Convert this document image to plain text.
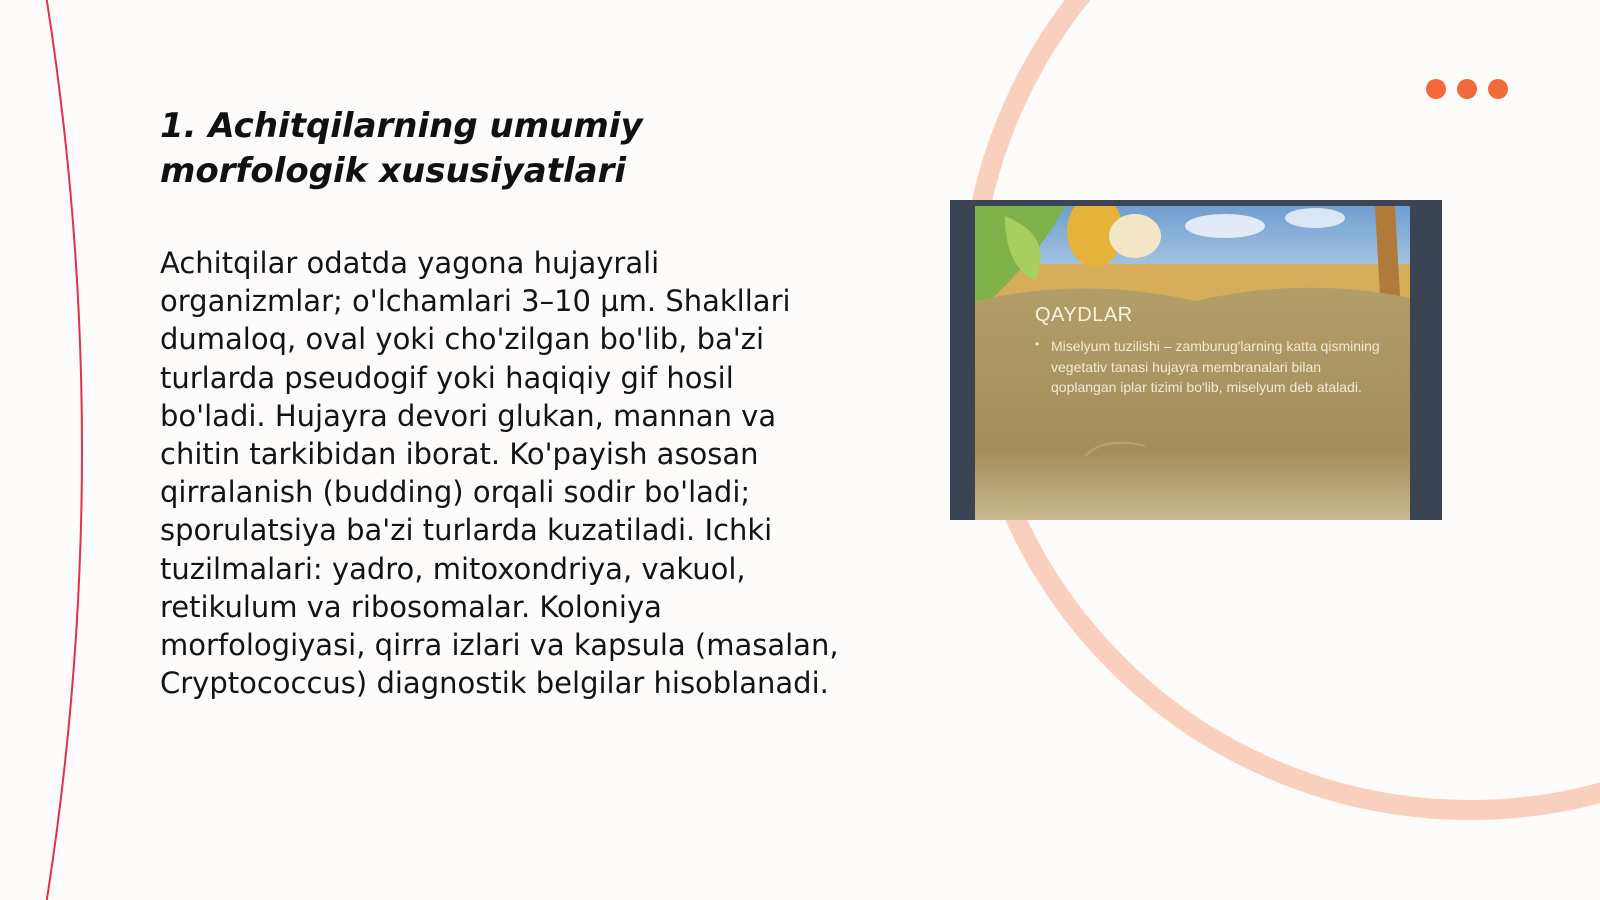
1. Achitqilarning umumiy morfologik xususiyatlari

Achitqilar odatda yagona hujayrali organizmlar; o'lchamlari 3–10 µm. Shakllari dumaloq, oval yoki cho'zilgan bo'lib, ba'zi turlarda pseudogif yoki haqiqiy gif hosil bo'ladi. Hujayra devori glukan, mannan va chitin tarkibidan iborat. Ko'payish asosan qirralanish (budding) orqali sodir bo'ladi; sporulatsiya ba'zi turlarda kuzatiladi. Ichki tuzilmalari: yadro, mitoxondriya, vakuol, retikulum va ribosomalar. Koloniya morfologiyasi, qirra izlari va kapsula (masalan, Cryptococcus) diagnostik belgilar hisoblanadi.

QAYDLAR
• Miselyum tuzilishi – zamburug'larning katta qismining vegetativ tanasi hujayra membranalari bilan qoplangan iplar tizimi bo'lib, miselyum deb ataladi.
